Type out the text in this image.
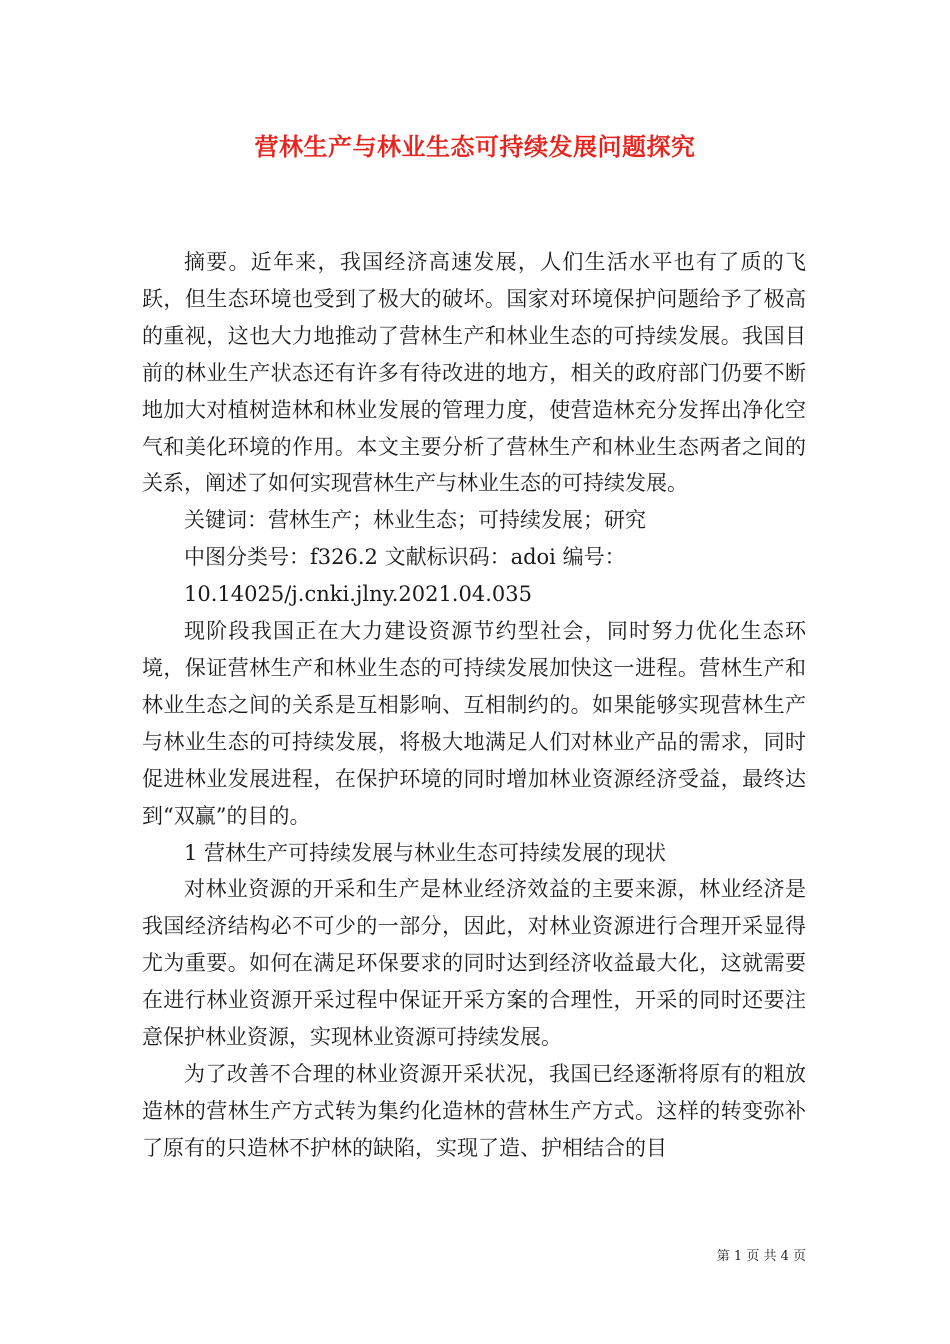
营林生产与林业生态可持续发展问题探究

摘要。近年来，我国经济高速发展，人们生活水平也有了质的飞跃，但生态环境也受到了极大的破坏。国家对环境保护问题给予了极高的重视，这也大力地推动了营林生产和林业生态的可持续发展。我国目前的林业生产状态还有许多有待改进的地方，相关的政府部门仍要不断地加大对植树造林和林业发展的管理力度，使营造林充分发挥出净化空气和美化环境的作用。本文主要分析了营林生产和林业生态两者之间的关系，阐述了如何实现营林生产与林业生态的可持续发展。

关键词：营林生产；林业生态；可持续发展；研究

中图分类号：f326.2 文献标识码：adoi 编号：

10.14025/j.cnki.jlny.2021.04.035

现阶段我国正在大力建设资源节约型社会，同时努力优化生态环境，保证营林生产和林业生态的可持续发展加快这一进程。营林生产和林业生态之间的关系是互相影响、互相制约的。如果能够实现营林生产与林业生态的可持续发展，将极大地满足人们对林业产品的需求，同时促进林业发展进程，在保护环境的同时增加林业资源经济受益，最终达到“双赢”的目的。

1 营林生产可持续发展与林业生态可持续发展的现状

对林业资源的开采和生产是林业经济效益的主要来源，林业经济是我国经济结构必不可少的一部分，因此，对林业资源进行合理开采显得尤为重要。如何在满足环保要求的同时达到经济收益最大化，这就需要在进行林业资源开采过程中保证开采方案的合理性，开采的同时还要注意保护林业资源，实现林业资源可持续发展。

为了改善不合理的林业资源开采状况，我国已经逐渐将原有的粗放造林的营林生产方式转为集约化造林的营林生产方式。这样的转变弥补了原有的只造林不护林的缺陷，实现了造、护相结合的目

第 1 页 共 4 页
